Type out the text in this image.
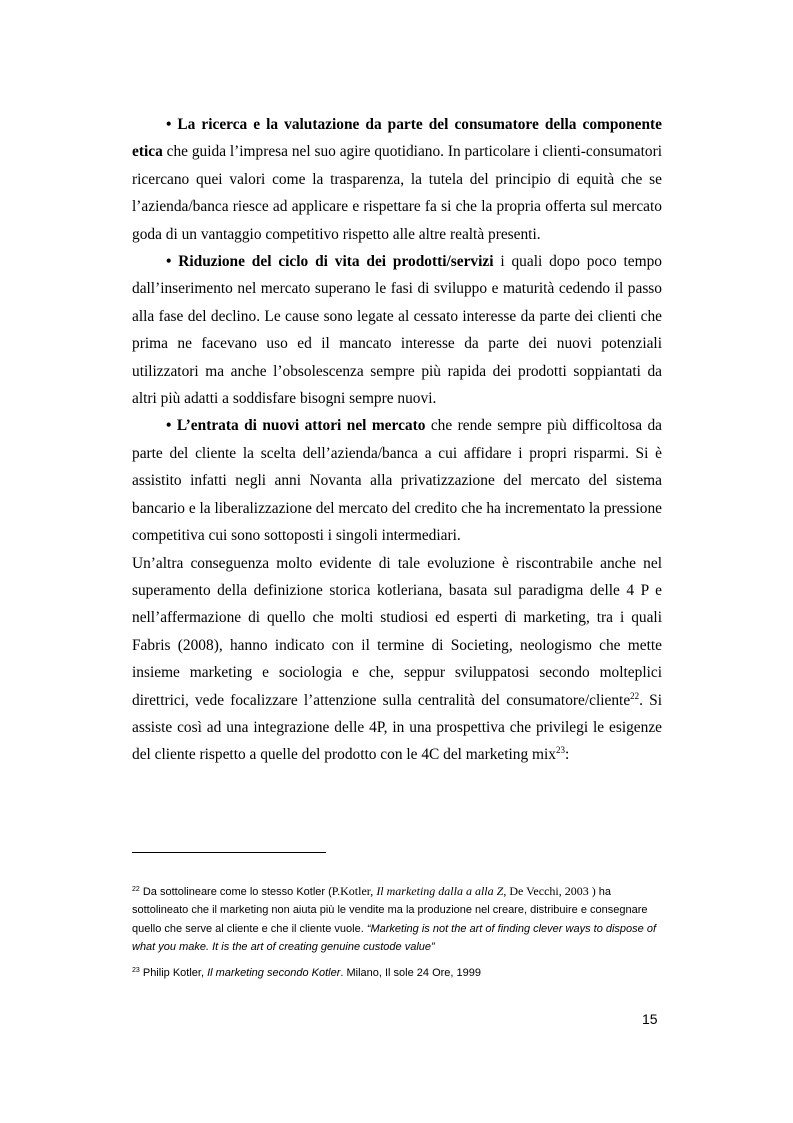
• La ricerca e la valutazione da parte del consumatore della componente etica che guida l’impresa nel suo agire quotidiano. In particolare i clienti-consumatori ricercano quei valori come la trasparenza, la tutela del principio di equità che se l’azienda/banca riesce ad applicare e rispettare fa si che la propria offerta sul mercato goda di un vantaggio competitivo rispetto alle altre realtà presenti.

• Riduzione del ciclo di vita dei prodotti/servizi i quali dopo poco tempo dall’inserimento nel mercato superano le fasi di sviluppo e maturità cedendo il passo alla fase del declino. Le cause sono legate al cessato interesse da parte dei clienti che prima ne facevano uso ed il mancato interesse da parte dei nuovi potenziali utilizzatori ma anche l’obsolescenza sempre più rapida dei prodotti soppiantati da altri più adatti a soddisfare bisogni sempre nuovi.

• L’entrata di nuovi attori nel mercato che rende sempre più difficoltosa da parte del cliente la scelta dell’azienda/banca a cui affidare i propri risparmi. Si è assistito infatti negli anni Novanta alla privatizzazione del mercato del sistema bancario e la liberalizzazione del mercato del credito che ha incrementato la pressione competitiva cui sono sottoposti i singoli intermediari.

Un’altra conseguenza molto evidente di tale evoluzione è riscontrabile anche nel superamento della definizione storica kotleriana, basata sul paradigma delle 4 P e nell’affermazione di quello che molti studiosi ed esperti di marketing, tra i quali Fabris (2008), hanno indicato con il termine di Societing, neologismo che mette insieme marketing e sociologia e che, seppur sviluppatosi secondo molteplici direttrici, vede focalizzare l’attenzione sulla centralità del consumatore/cliente$^{22}$. Si assiste così ad una integrazione delle 4P, in una prospettiva che privilegi le esigenze del cliente rispetto a quelle del prodotto con le 4C del marketing mix$^{23}$:

$^{22}$ Da sottolineare come lo stesso Kotler (P.Kotler, Il marketing dalla a alla Z, De Vecchi, 2003 ) ha sottolineato che il marketing non aiuta più le vendite ma la produzione nel creare, distribuire e consegnare quello che serve al cliente e che il cliente vuole. “Marketing is not the art of finding clever ways to dispose of what you make. It is the art of creating genuine custode value”

$^{23}$ Philip Kotler, Il marketing secondo Kotler. Milano, Il sole 24 Ore, 1999

15
